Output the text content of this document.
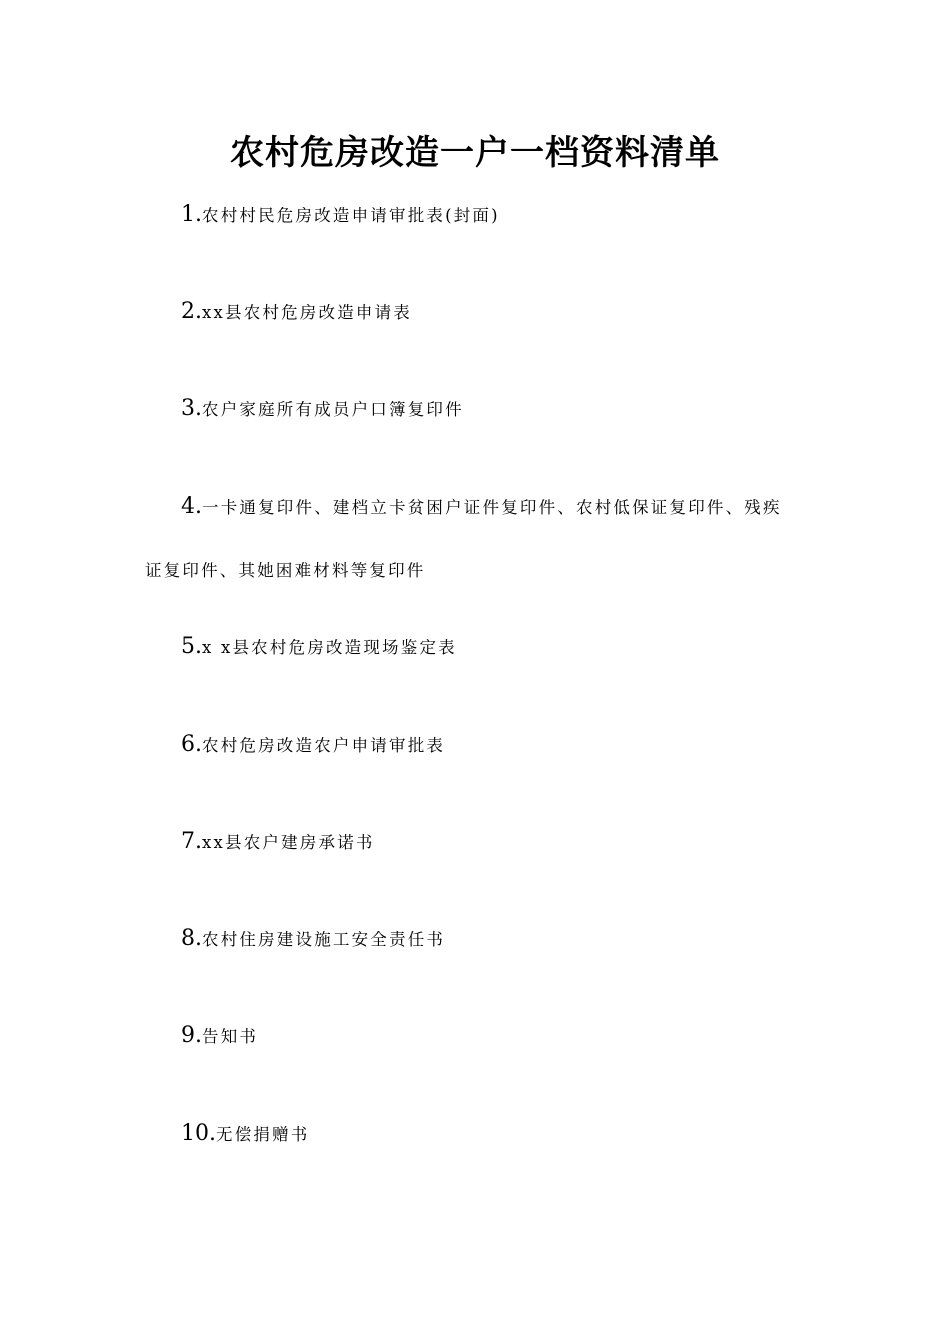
农村危房改造一户一档资料清单
1.农村村民危房改造申请审批表(封面)
2.xx县农村危房改造申请表
3.农户家庭所有成员户口簿复印件
4.一卡通复印件、建档立卡贫困户证件复印件、农村低保证复印件、残疾
证复印件、其她困难材料等复印件
5.x x县农村危房改造现场鉴定表
6.农村危房改造农户申请审批表
7.xx县农户建房承诺书
8.农村住房建设施工安全责任书
9.告知书
10.无偿捐赠书
